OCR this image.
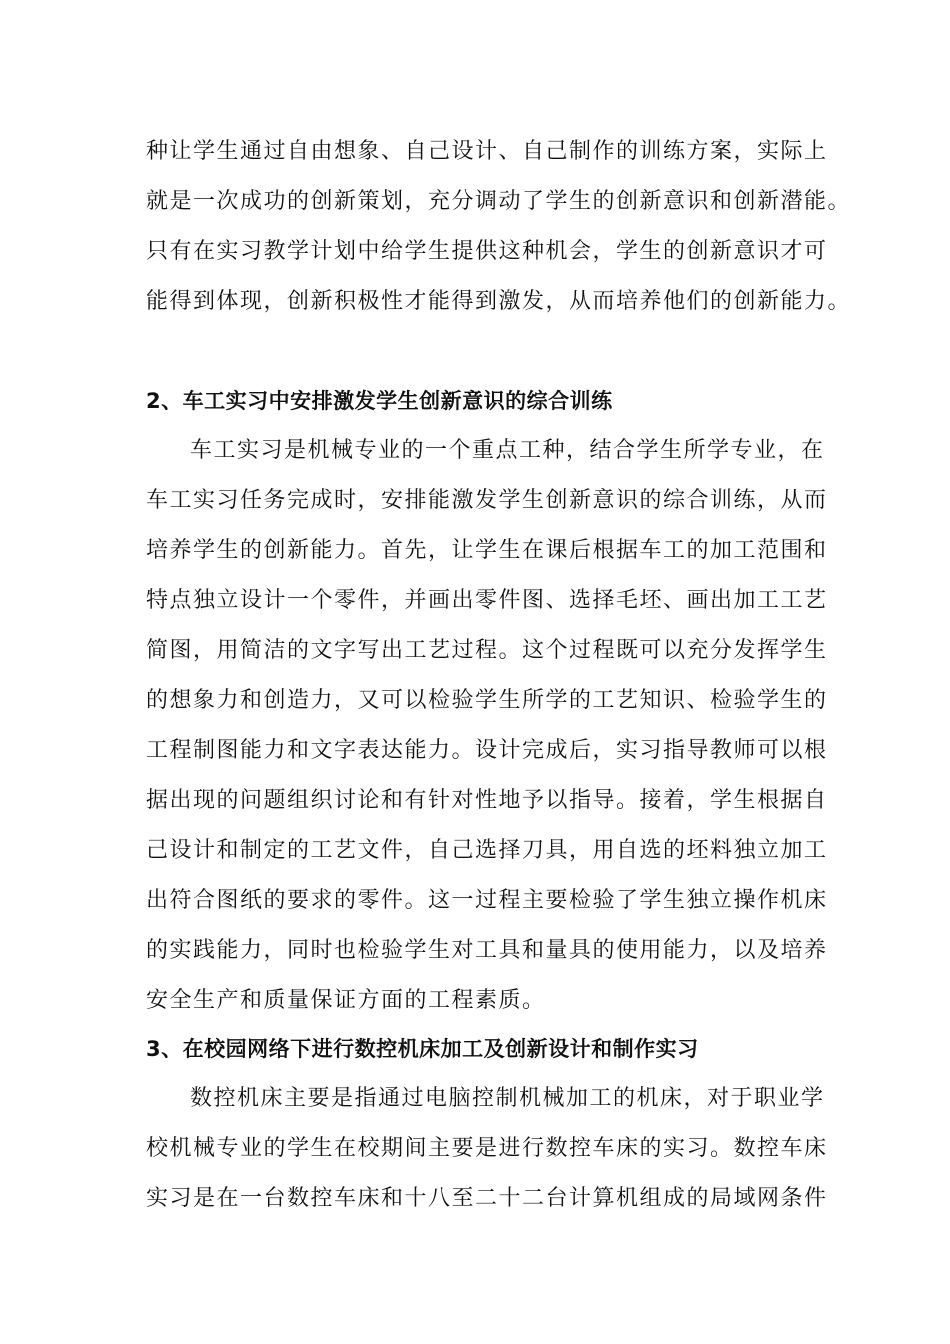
种让学生通过自由想象、自己设计、自己制作的训练方案，实际上
就是一次成功的创新策划，充分调动了学生的创新意识和创新潜能。
只有在实习教学计划中给学生提供这种机会，学生的创新意识才可
能得到体现，创新积极性才能得到激发，从而培养他们的创新能力。
2、车工实习中安排激发学生创新意识的综合训练
车工实习是机械专业的一个重点工种，结合学生所学专业，在
车工实习任务完成时，安排能激发学生创新意识的综合训练，从而
培养学生的创新能力。首先，让学生在课后根据车工的加工范围和
特点独立设计一个零件，并画出零件图、选择毛坯、画出加工工艺
简图，用简洁的文字写出工艺过程。这个过程既可以充分发挥学生
的想象力和创造力，又可以检验学生所学的工艺知识、检验学生的
工程制图能力和文字表达能力。设计完成后，实习指导教师可以根
据出现的问题组织讨论和有针对性地予以指导。接着，学生根据自
己设计和制定的工艺文件，自己选择刀具，用自选的坯料独立加工
出符合图纸的要求的零件。这一过程主要检验了学生独立操作机床
的实践能力，同时也检验学生对工具和量具的使用能力，以及培养
安全生产和质量保证方面的工程素质。
3、在校园网络下进行数控机床加工及创新设计和制作实习
数控机床主要是指通过电脑控制机械加工的机床，对于职业学
校机械专业的学生在校期间主要是进行数控车床的实习。数控车床
实习是在一台数控车床和十八至二十二台计算机组成的局域网条件
